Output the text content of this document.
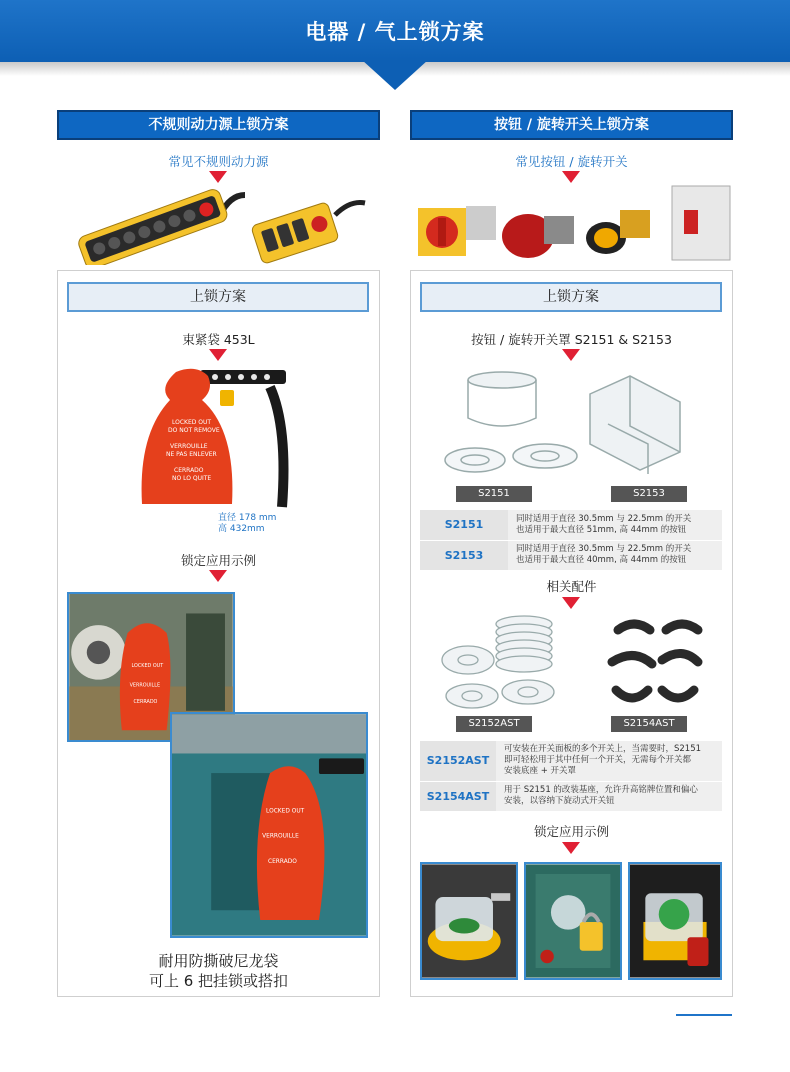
电器 / 气上锁方案
不规则动力源上锁方案
常见不规则动力源
上锁方案
束紧袋 453L
LOCKED OUT
DO NOT REMOVE
VERROUILLE
NE PAS ENLEVER
CERRADO
NO LO QUITE
直径 178 mm
高 432mm
锁定应用示例
LOCKED OUT
VERROUILLE
CERRADO
LOCKED OUT
VERROUILLE
CERRADO
耐用防撕破尼龙袋
可上 6 把挂锁或搭扣
按钮 / 旋转开关上锁方案
常见按钮 / 旋转开关
上锁方案
按钮 / 旋转开关罩 S2151 & S2153
S2151	S2153
S2151	同时适用于直径 30.5mm 与 22.5mm 的开关
也适用于最大直径 51mm, 高 44mm 的按钮

S2153	同时适用于直径 30.5mm 与 22.5mm 的开关
也适用于最大直径 40mm, 高 44mm 的按钮
相关配件
S2152AST	S2154AST
S2152AST	可安装在开关面板的多个开关上，当需要时，S2151
即可轻松用于其中任何一个开关，无需每个开关都
安装底座 + 开关罩

S2154AST	用于 S2151 的改装基座，允许升高铭牌位置和偏心
安装，以容纳下旋动式开关钮
锁定应用示例
